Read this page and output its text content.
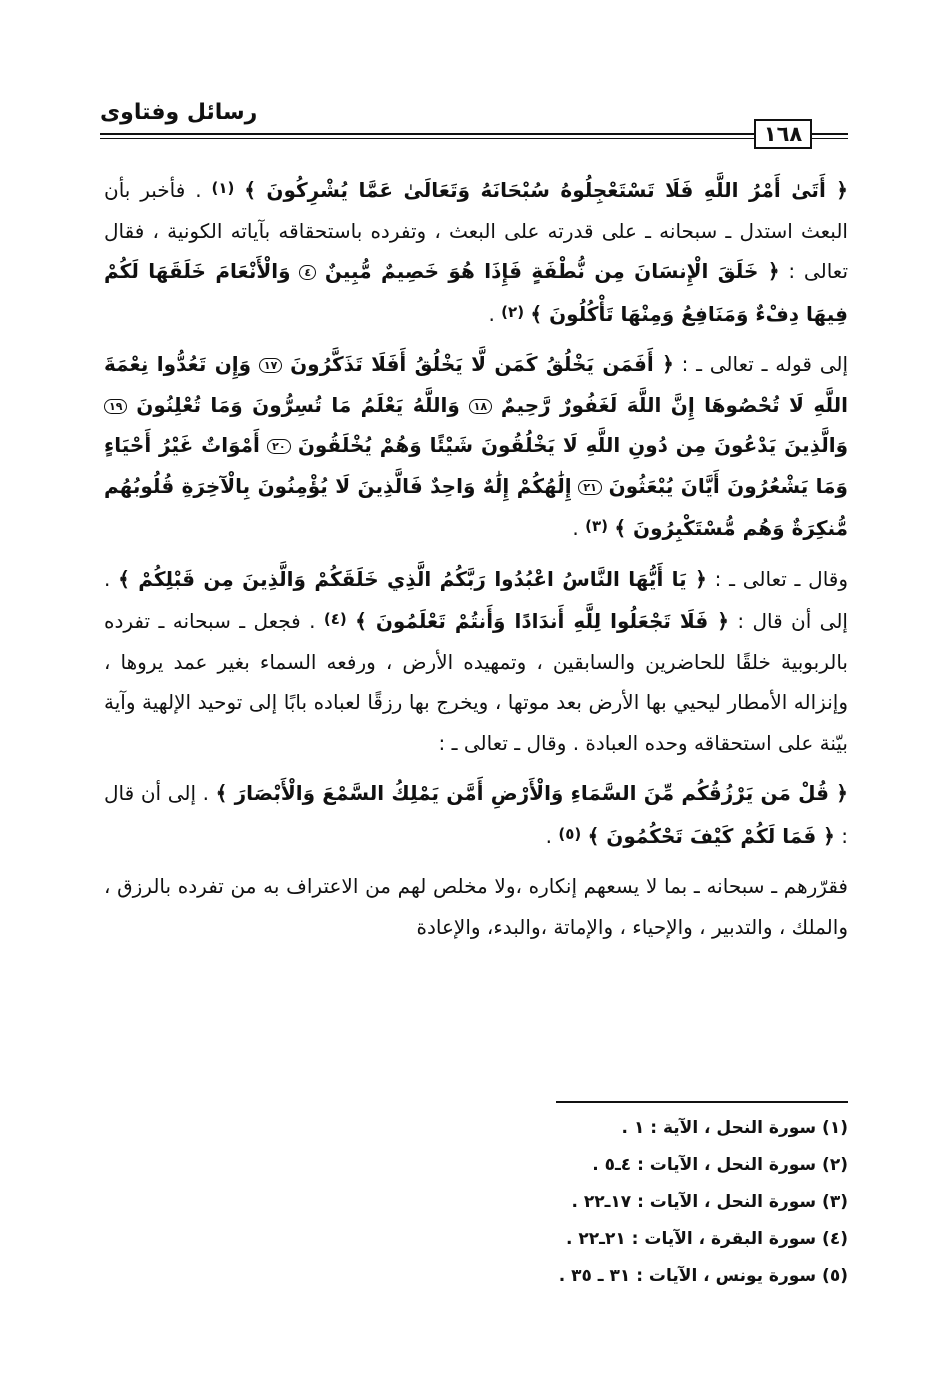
رسائل وفتاوى
١٦٨

﴿ أَتَىٰ أَمْرُ اللَّهِ فَلَا تَسْتَعْجِلُوهُ سُبْحَانَهُ وَتَعَالَىٰ عَمَّا يُشْرِكُونَ ﴾ $^{(١)}$ . فأخبر بأن البعث استدل ـ سبحانه ـ على قدرته على البعث ، وتفرده باستحقاقه بآياته الكونية ، فقال تعالى : ﴿ خَلَقَ الْإِنسَانَ مِن نُّطْفَةٍ فَإِذَا هُوَ خَصِيمٌ مُّبِينٌ ٤ وَالْأَنْعَامَ خَلَقَهَا لَكُمْ فِيهَا دِفْءٌ وَمَنَافِعُ وَمِنْهَا تَأْكُلُونَ ﴾ $^{(٢)}$ .

إلى قوله ـ تعالى ـ : ﴿ أَفَمَن يَخْلُقُ كَمَن لَّا يَخْلُقُ أَفَلَا تَذَكَّرُونَ ١٧ وَإِن تَعُدُّوا نِعْمَةَ اللَّهِ لَا تُحْصُوهَا إِنَّ اللَّهَ لَغَفُورٌ رَّحِيمٌ ١٨ وَاللَّهُ يَعْلَمُ مَا تُسِرُّونَ وَمَا تُعْلِنُونَ ١٩ وَالَّذِينَ يَدْعُونَ مِن دُونِ اللَّهِ لَا يَخْلُقُونَ شَيْئًا وَهُمْ يُخْلَقُونَ ٢٠ أَمْوَاتٌ غَيْرُ أَحْيَاءٍ وَمَا يَشْعُرُونَ أَيَّانَ يُبْعَثُونَ ٢١ إِلَٰهُكُمْ إِلَٰهٌ وَاحِدٌ فَالَّذِينَ لَا يُؤْمِنُونَ بِالْآخِرَةِ قُلُوبُهُم مُّنكِرَةٌ وَهُم مُّسْتَكْبِرُونَ ﴾ $^{(٣)}$ .

وقال ـ تعالى ـ : ﴿ يَا أَيُّهَا النَّاسُ اعْبُدُوا رَبَّكُمُ الَّذِي خَلَقَكُمْ وَالَّذِينَ مِن قَبْلِكُمْ ﴾ . إلى أن قال : ﴿ فَلَا تَجْعَلُوا لِلَّهِ أَندَادًا وَأَنتُمْ تَعْلَمُونَ ﴾ $^{(٤)}$ . فجعل ـ سبحانه ـ تفرده بالربوبية خلقًا للحاضرين والسابقين ، وتمهيده الأرض ، ورفعه السماء بغير عمد يروها ، وإنزاله الأمطار ليحيي بها الأرض بعد موتها ، ويخرج بها رزقًا لعباده بابًا إلى توحيد الإلهية وآية بيّنة على استحقاقه وحده العبادة . وقال ـ تعالى ـ :

﴿ قُلْ مَن يَرْزُقُكُم مِّنَ السَّمَاءِ وَالْأَرْضِ أَمَّن يَمْلِكُ السَّمْعَ وَالْأَبْصَارَ ﴾ . إلى أن قال : ﴿ فَمَا لَكُمْ كَيْفَ تَحْكُمُونَ ﴾ $^{(٥)}$ .

فقرّرهم ـ سبحانه ـ بما لا يسعهم إنكاره ،ولا مخلص لهم من الاعتراف به من تفرده بالرزق ، والملك ، والتدبير ، والإحياء ، والإماتة ،والبدء، والإعادة

(١) سورة النحل ، الآية : ١ .

(٢) سورة النحل ، الآيات : ٤ـ٥ .

(٣) سورة النحل ، الآيات : ١٧ـ٢٢ .

(٤) سورة البقرة ، الآيات : ٢١ـ٢٢ .

(٥) سورة يونس ، الآيات : ٣١ ـ ٣٥ .
